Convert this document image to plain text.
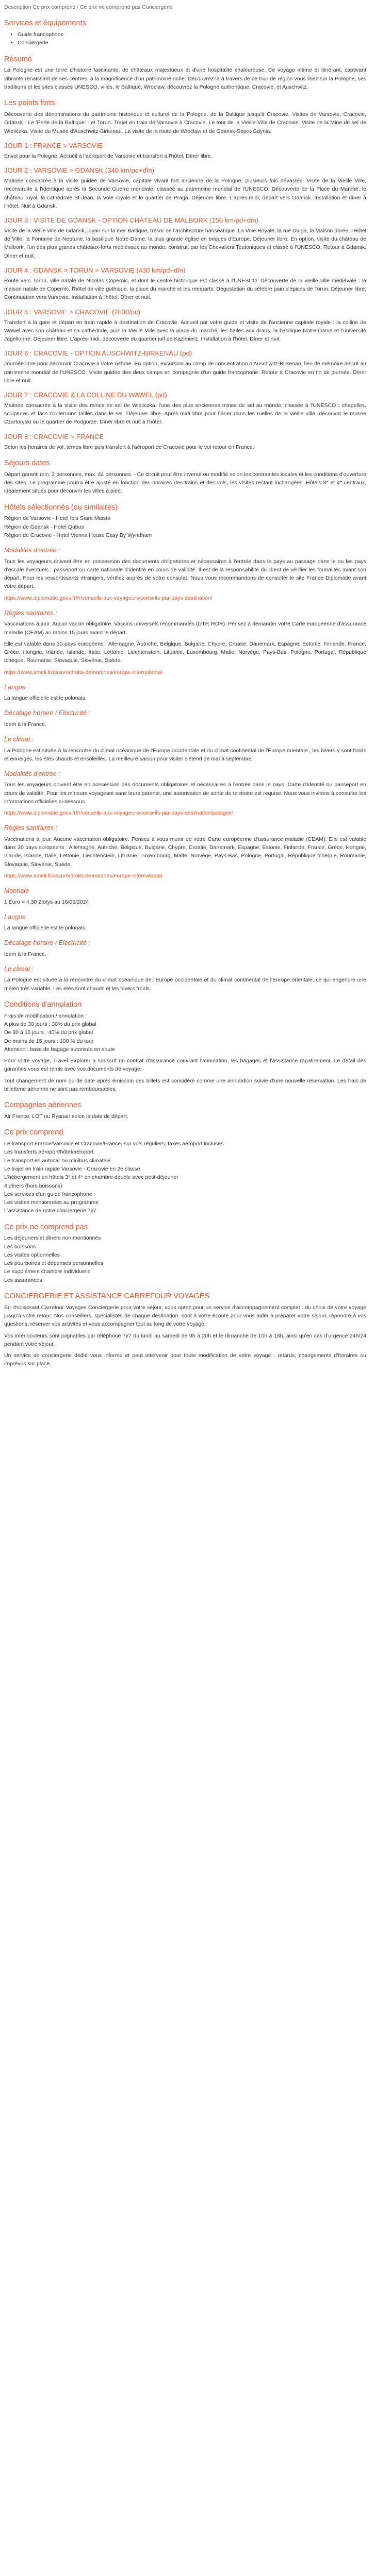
Description Ce prix comprend / Ce prix ne comprend pas Conciergerie
Services et équipements
• Guide francophone
• Conciergerie
Résumé

La Pologne est une terre d'histoire fascinante, de châteaux majestueux et d'une hospitalité chaleureuse. Ce voyage intime et itinérant, captivant vibrante renaissant de ses centres, à la magnificence d'un patrimoine riche. Découvrez-la à travers de ce tour de région vous lisez sur la Pologne, ses traditions et les sites classés UNESCO, villes, le Baltique, Wroclaw, découvrez la Pologne authentique, Cracovie, et Auschwitz.

Les points forts

Découverte des dénominations du patrimoine historique et culturel de la Pologne, de la Baltique jusqu'à Cracovie. Visites de Varsovie, Cracovie, Gdansk - Le 'Perle de la Baltique' - et Torun. Trajet en train de Varsovie à Cracovie. Le tour de la Vieille Ville de Cracovie. Visite de la Mine de sel de Wieliczka. Visite du Musée d'Auschwitz-Birkenau. La visite de la route de Wroclaw et de Gdansk-Sopot-Gdynia.

JOUR 1 : FRANCE > VARSOVIE

Envol pour la Pologne. Accueil à l'aéroport de Varsovie et transfert à l'hôtel. Dîner libre.

JOUR 2 : VARSOVIE > GDANSK (340 km/pd+dîn)

Matinée consacrée à la visite guidée de Varsovie, capitale vivant fort ancienne de la Pologne, plusieurs fois dévastée. Visite de la Vieille Ville, reconstruite à l'identique après la Seconde Guerre mondiale, classée au patrimoine mondial de l'UNESCO. Découverte de la Place du Marché, le château royal, la cathédrale St-Jean, la Voie royale et le quartier de Praga. Déjeuner libre. L'après-midi, départ vers Gdansk. Installation et dîner à l'hôtel. Nuit à Gdansk.

JOUR 3 : VISITE DE GDANSK - OPTION CHÂTEAU DE MALBORK (150 km/pd+dîn)

Visite de la vieille ville de Gdansk, joyau sur la mer Baltique, trésor de l'architecture hanséatique. La Voie Royale, la rue Dluga, la Maison dorée, l'Hôtel de Ville, la Fontaine de Neptune, la basilique Notre-Dame, la plus grande église en briques d'Europe. Déjeuner libre. En option, visite du château de Malbork, l'un des plus grands châteaux-forts médiévaux au monde, construit par les Chevaliers Teutoniques et classé à l'UNESCO. Retour à Gdansk. Dîner et nuit.

JOUR 4 : GDANSK > TORUN > VARSOVIE (430 km/pd+dîn)

Route vers Torun, ville natale de Nicolas Copernic, et dont le centre historique est classé à l'UNESCO. Découverte de la vieille ville médiévale : la maison natale de Copernic, l'hôtel de ville gothique, la place du marché et les remparts. Dégustation du célèbre pain d'épices de Torun. Déjeuner libre. Continuation vers Varsovie. Installation à l'hôtel. Dîner et nuit.

JOUR 5 : VARSOVIE > CRACOVIE (2h30/pc)

Transfert à la gare et départ en train rapide à destination de Cracovie. Accueil par votre guide et visite de l'ancienne capitale royale : la colline de Wawel avec son château et sa cathédrale, puis la Vieille Ville avec la place du marché, les halles aux draps, la basilique Notre-Dame et l'université Jagellonne. Déjeuner libre. L'après-midi, découverte du quartier juif de Kazimierz. Installation à l'hôtel. Dîner et nuit.

JOUR 6 : CRACOVIE - OPTION AUSCHWITZ-BIRKENAU (pd)

Journée libre pour découvrir Cracovie à votre rythme. En option, excursion au camp de concentration d'Auschwitz-Birkenau, lieu de mémoire inscrit au patrimoine mondial de l'UNESCO. Visite guidée des deux camps en compagnie d'un guide francophone. Retour à Cracovie en fin de journée. Dîner libre et nuit.

JOUR 7 : CRACOVIE & LA COLLINE DU WAWEL (pd)

Matinée consacrée à la visite des mines de sel de Wieliczka, l'une des plus anciennes mines de sel au monde, classée à l'UNESCO : chapelles, sculptures et lacs souterrains taillés dans le sel. Déjeuner libre. Après-midi libre pour flâner dans les ruelles de la vieille ville, découvrir le musée Czartoryski ou le quartier de Podgorze. Dîner libre et nuit à l'hôtel.

JOUR 8 : CRACOVIE > FRANCE

Selon les horaires de vol, temps libre puis transfert à l'aéroport de Cracovie pour le vol retour en France.

Séjours dates

Départ garanti min. 2 personnes, max. 44 personnes. - Ce circuit peut être inversé ou modifié selon les contraintes locales et les conditions d'ouverture des sites. Le programme pourra être ajusté en fonction des horaires des trains et des vols, les visites restant inchangées. Hôtels 3* et 4* centraux, idéalement situés pour découvrir les villes à pied.

Hôtels sélectionnés (ou similaires)

Région de Varsovie - Hotel Ibis Stare Miasto

Région de Gdansk - Hotel Qubus

Région de Cracovie - Hotel Vienna House Easy By Wyndham

Modalités d'entrée :

Tous les voyageurs doivent être en possession des documents obligatoires et nécessaires à l'entrée dans le pays au passage dans le ou les pays d'escale éventuels : passeport ou carte nationale d'identité en cours de validité. Il est de la responsabilité du client de vérifier les formalités avant son départ. Pour les ressortissants étrangers, vérifiez auprès de votre consulat. Nous vous recommandons de consulter le site France Diplomatie avant votre départ.

https://www.diplomatie.gouv.fr/fr/conseils-aux-voyageurs/conseils-par-pays-destination/

Règles sanitaires :

Vaccinations à jour. Aucun vaccin obligatoire. Vaccins universels recommandés (DTP, ROR). Pensez à demander votre Carte européenne d'assurance maladie (CEAM) au moins 15 jours avant le départ.

Elle est valable dans 30 pays européens : Allemagne, Autriche, Belgique, Bulgarie, Chypre, Croatie, Danemark, Espagne, Estonie, Finlande, France, Grèce, Hongrie, Irlande, Islande, Italie, Lettonie, Liechtenstein, Lituanie, Luxembourg, Malte, Norvège, Pays-Bas, Pologne, Portugal, République tchèque, Roumanie, Slovaquie, Slovénie, Suède.

https://www.ameli.fr/assure/droits-demarches/europe-international

Langue

La langue officielle est le polonais.

Décalage horaire / Electricité :

Idem à la France.

Le climat :

La Pologne est située à la rencontre du climat océanique de l'Europe occidentale et du climat continental de l'Europe orientale ; les hivers y sont froids et enneigés, les étés chauds et ensoleillés. La meilleure saison pour visiter s'étend de mai à septembre.

Modalités d'entrée :

Tous les voyageurs doivent être en possession des documents obligatoires et nécessaires à l'entrée dans le pays. Carte d'identité ou passeport en cours de validité. Pour les mineurs voyageant sans leurs parents, une autorisation de sortie de territoire est requise. Nous vous invitons à consulter les informations officielles ci-dessous.

https://www.diplomatie.gouv.fr/fr/conseils-aux-voyageurs/conseils-par-pays-destination/pologne/

Règles sanitaires :

Vaccinations à jour. Aucune vaccination obligatoire. Pensez à vous munir de votre Carte européenne d'assurance maladie (CEAM). Elle est valable dans 30 pays européens : Allemagne, Autriche, Belgique, Bulgarie, Chypre, Croatie, Danemark, Espagne, Estonie, Finlande, France, Grèce, Hongrie, Irlande, Islande, Italie, Lettonie, Liechtenstein, Lituanie, Luxembourg, Malte, Norvège, Pays-Bas, Pologne, Portugal, République tchèque, Roumanie, Slovaquie, Slovénie, Suède.

https://www.ameli.fr/assure/droits-demarches/europe-international

Monnaie

1 Euro = 4,30 Zlotys au 16/05/2024

Langue

La langue officielle est le polonais.

Décalage horaire / Electricité :

Idem à la France.

Le climat :

La Pologne est située à la rencontre du climat océanique de l'Europe occidentale et du climat continental de l'Europe orientale, ce qui engendre une météo très variable. Les étés sont chauds et les hivers froids.

Conditions d'annulation

Frais de modification / annulation :

A plus de 30 jours : 30% du prix global

De 30 à 15 jours : 40% du prix global

De moins de 15 jours : 100 % du tour

Attention : base de bagage autorisée en soute

Pour votre voyage, Travel Explorer a souscrit un contrat d'assurance couvrant l'annulation, les bagages et l'assistance rapatriement. Le détail des garanties vous est remis avec vos documents de voyage.

Tout changement de nom ou de date après émission des billets est considéré comme une annulation suivie d'une nouvelle réservation. Les frais de billetterie aérienne ne sont pas remboursables.

Compagnies aériennes

Air France, LOT ou Ryanair selon la date de départ.

Ce prix comprend

Le transport France/Varsovie et Cracovie/France, sur vols réguliers, taxes aéroport incluses

Les transferts aéroport/hôtel/aéroport

Le transport en autocar ou minibus climatisé

Le trajet en train rapide Varsovie - Cracovie en 2e classe

L'hébergement en hôtels 3* et 4* en chambre double avec petit-déjeuner

4 dîners (hors boissons)

Les services d'un guide francophone

Les visites mentionnées au programme

L'assistance de notre conciergerie 7j/7

Ce prix ne comprend pas

Les déjeuners et dîners non mentionnés

Les boissons

Les visites optionnelles

Les pourboires et dépenses personnelles

Le supplément chambre individuelle

Les assurances

CONCIERGERIE ET ASSISTANCE CARREFOUR VOYAGES

En choisissant Carrefour Voyages Conciergerie pour votre séjour, vous optez pour un service d'accompagnement complet : du choix de votre voyage jusqu'à votre retour. Nos conseillers, spécialistes de chaque destination, sont à votre écoute pour vous aider à préparer votre séjour, répondre à vos questions, réserver vos activités et vous accompagner tout au long de votre voyage.

Vos interlocuteurs sont joignables par téléphone 7j/7 du lundi au samedi de 9h à 20h et le dimanche de 10h à 18h, ainsi qu'en cas d'urgence 24h/24 pendant votre séjour.

Un service de conciergerie dédié vous informe et peut intervenir pour toute modification de votre voyage : retards, changements d'horaires ou imprévus sur place.
